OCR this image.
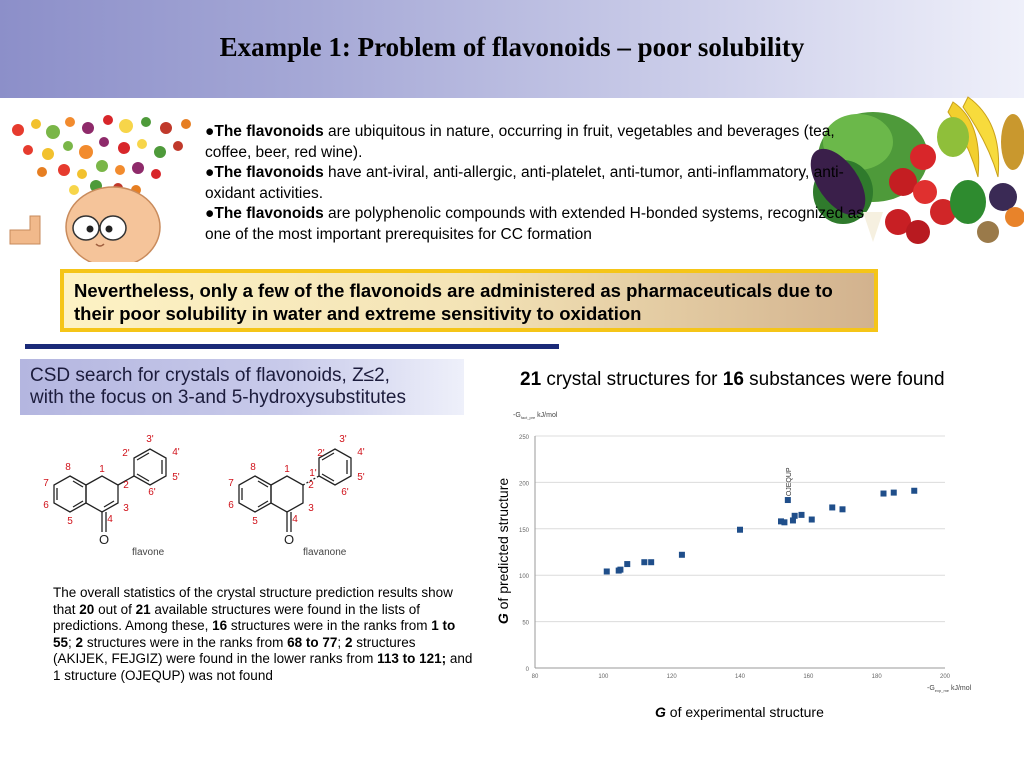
Example 1: Problem of flavonoids – poor solubility

●The flavonoids are ubiquitous in nature, occurring in fruit, vegetables and beverages (tea, coffee, beer, red wine).

●The flavonoids have ant-iviral, anti-allergic, anti-platelet, anti-tumor, anti-inflammatory, anti-oxidant activities.

●The flavonoids are polyphenolic compounds with extended H-bonded systems, recognized as one of the most important prerequisites for CC formation

Nevertheless, only a few of the flavonoids are administered as pharmaceuticals due to their poor solubility in water and extreme sensitivity to oxidation
CSD search for crystals of flavonoids, Z≤2,
with the focus on 3-and 5-hydroxysubstitutes
21 crystal structures for 16 substances were found
1
2
3
4
5
6
7
8
2'
3'
4'
5'
6'
O
flavone
1
2
3
4
5
6
7
8
1'
2'
3'
4'
5'
6'
O
flavanone
The overall statistics of the crystal structure prediction results show that 20 out of 21 available structures were found in the lists of predictions. Among these, 16 structures were in the ranks from 1 to 55; 2 structures were in the ranks from 68 to 77; 2 structures (AKIJEK, FEJGIZ) were found in the lower ranks from 113 to 121; and 1 structure (OJEQUP) was not found	0
50
100
150
200
250
80	100	120	140	160	180	200
$-G_{fact\_pre}$ kJ/mol
$-G_{exp\_me}$ kJ/mol
OJEQUP
G of experimental structure
G of predicted structure
